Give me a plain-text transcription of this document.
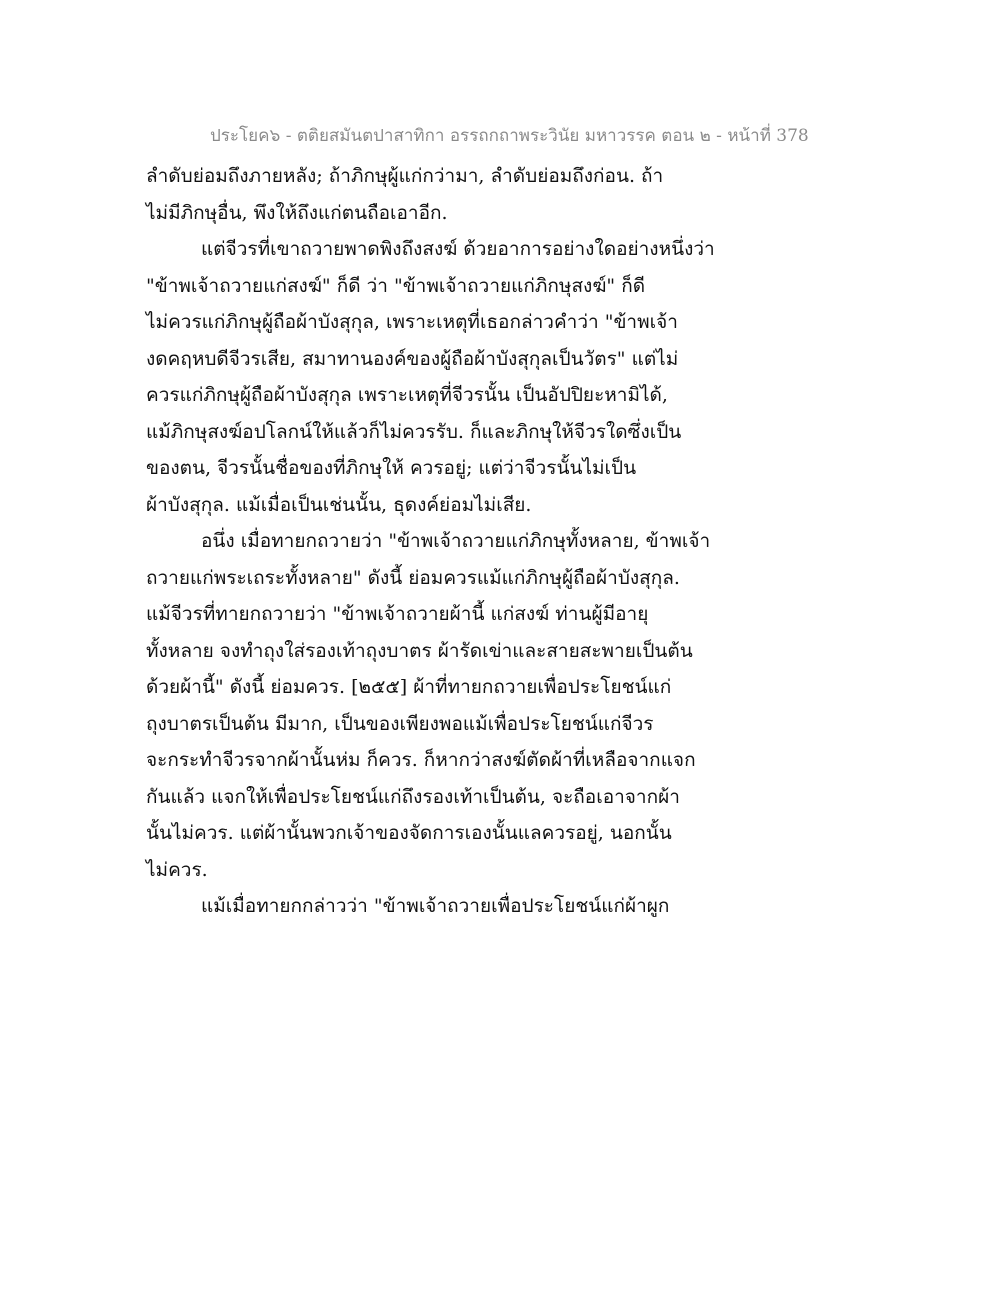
ประโยค๖ - ตติยสมันตปาสาทิกา อรรถกถาพระวินัย มหาวรรค ตอน ๒ - หน้าที่ 378
ลำดับย่อมถึงภายหลัง; ถ้าภิกษุผู้แก่กว่ามา, ลำดับย่อมถึงก่อน. ถ้า
ไม่มีภิกษุอื่น, พึงให้ถึงแก่ตนถือเอาอีก.
แต่จีวรที่เขาถวายพาดพิงถึงสงฆ์ ด้วยอาการอย่างใดอย่างหนึ่งว่า
"ข้าพเจ้าถวายแก่สงฆ์" ก็ดี ว่า "ข้าพเจ้าถวายแก่ภิกษุสงฆ์" ก็ดี
ไม่ควรแก่ภิกษุผู้ถือผ้าบังสุกุล, เพราะเหตุที่เธอกล่าวคำว่า "ข้าพเจ้า
งดคฤหบดีจีวรเสีย, สมาทานองค์ของผู้ถือผ้าบังสุกุลเป็นวัตร" แต่ไม่
ควรแก่ภิกษุผู้ถือผ้าบังสุกุล เพราะเหตุที่จีวรนั้น เป็นอัปปิยะหามิได้,
แม้ภิกษุสงฆ์อปโลกน์ให้แล้วก็ไม่ควรรับ. ก็และภิกษุให้จีวรใดซึ่งเป็น
ของตน, จีวรนั้นชื่อของที่ภิกษุให้ ควรอยู่; แต่ว่าจีวรนั้นไม่เป็น
ผ้าบังสุกุล. แม้เมื่อเป็นเช่นนั้น, ธุดงค์ย่อมไม่เสีย.
อนึ่ง เมื่อทายกถวายว่า "ข้าพเจ้าถวายแก่ภิกษุทั้งหลาย, ข้าพเจ้า
ถวายแก่พระเถระทั้งหลาย" ดังนี้ ย่อมควรแม้แก่ภิกษุผู้ถือผ้าบังสุกุล.
แม้จีวรที่ทายกถวายว่า "ข้าพเจ้าถวายผ้านี้ แก่สงฆ์ ท่านผู้มีอายุ
ทั้งหลาย จงทำถุงใส่รองเท้าถุงบาตร ผ้ารัดเข่าและสายสะพายเป็นต้น
ด้วยผ้านี้" ดังนี้ ย่อมควร. [๒๕๕] ผ้าที่ทายกถวายเพื่อประโยชน์แก่
ถุงบาตรเป็นต้น มีมาก, เป็นของเพียงพอแม้เพื่อประโยชน์แก่จีวร
จะกระทำจีวรจากผ้านั้นห่ม ก็ควร. ก็หากว่าสงฆ์ตัดผ้าที่เหลือจากแจก
กันแล้ว แจกให้เพื่อประโยชน์แก่ถึงรองเท้าเป็นต้น, จะถือเอาจากผ้า
นั้นไม่ควร. แต่ผ้านั้นพวกเจ้าของจัดการเองนั้นแลควรอยู่, นอกนั้น
ไม่ควร.
แม้เมื่อทายกกล่าวว่า "ข้าพเจ้าถวายเพื่อประโยชน์แก่ผ้าผูก
